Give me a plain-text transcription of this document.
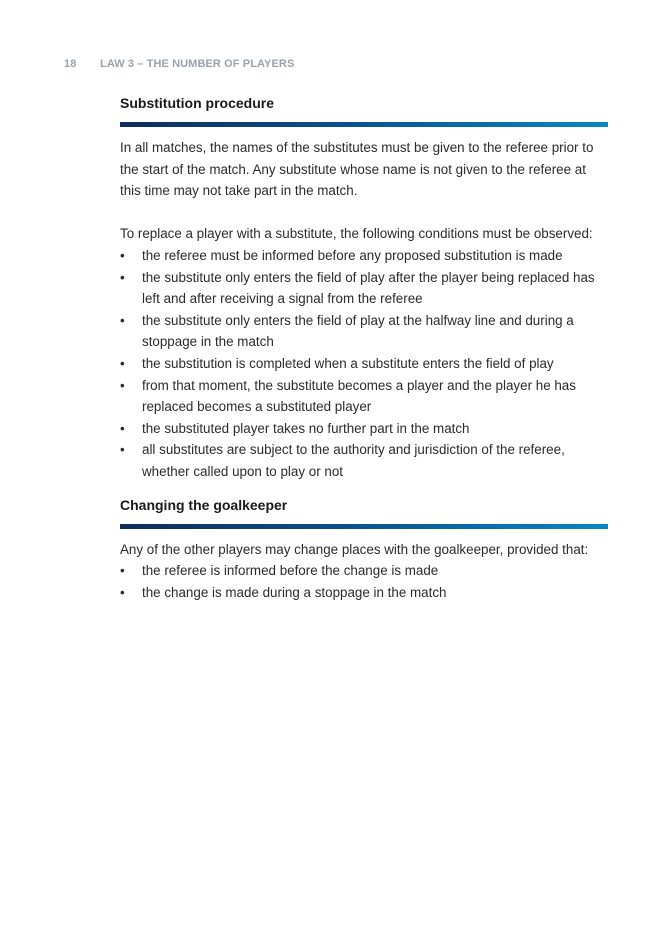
18 LAW 3 – THE NUMBER OF PLAYERS
Substitution procedure

In all matches, the names of the substitutes must be given to the referee prior to the start of the match. Any substitute whose name is not given to the referee at this time may not take part in the match.

To replace a player with a substitute, the following conditions must be observed:

• the referee must be informed before any proposed substitution is made
• the substitute only enters the field of play after the player being replaced has left and after receiving a signal from the referee
• the substitute only enters the field of play at the halfway line and during a stoppage in the match
• the substitution is completed when a substitute enters the field of play
• from that moment, the substitute becomes a player and the player he has replaced becomes a substituted player
• the substituted player takes no further part in the match
• all substitutes are subject to the authority and jurisdiction of the referee, whether called upon to play or not
Changing the goalkeeper

Any of the other players may change places with the goalkeeper, provided that:

• the referee is informed before the change is made
• the change is made during a stoppage in the match
